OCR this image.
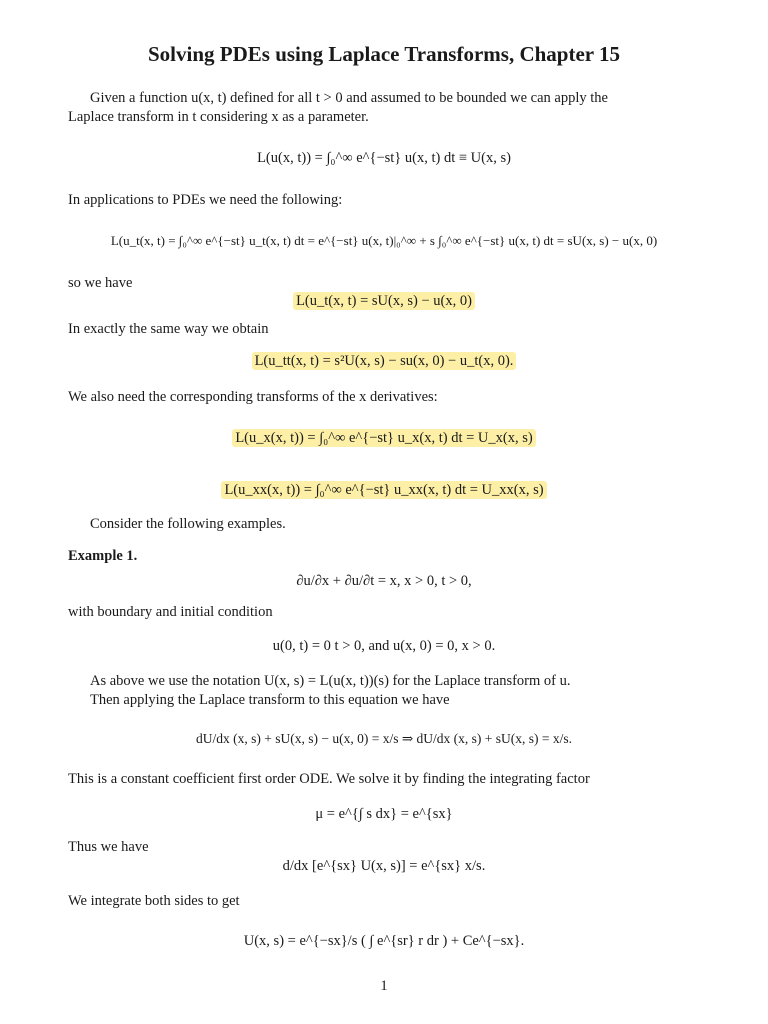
Solving PDEs using Laplace Transforms, Chapter 15
Given a function u(x, t) defined for all t > 0 and assumed to be bounded we can apply the
Laplace transform in t considering x as a parameter.
L(u(x, t)) = ∫₀^∞ e^{−st} u(x, t) dt ≡ U(x, s)
In applications to PDEs we need the following:
L(u_t(x, t) = ∫₀^∞ e^{−st} u_t(x, t) dt = e^{−st} u(x, t)|₀^∞ + s ∫₀^∞ e^{−st} u(x, t) dt = sU(x, s) − u(x, 0)
so we have
L(u_t(x, t) = sU(x, s) − u(x, 0)
In exactly the same way we obtain
L(u_tt(x, t) = s²U(x, s) − su(x, 0) − u_t(x, 0).
We also need the corresponding transforms of the x derivatives:
L(u_x(x, t)) = ∫₀^∞ e^{−st} u_x(x, t) dt = U_x(x, s)
L(u_xx(x, t)) = ∫₀^∞ e^{−st} u_xx(x, t) dt = U_xx(x, s)
Consider the following examples.
Example 1.
∂u/∂x + ∂u/∂t = x, x > 0, t > 0,
with boundary and initial condition
u(0, t) = 0 t > 0, and u(x, 0) = 0, x > 0.
As above we use the notation U(x, s) = L(u(x, t))(s) for the Laplace transform of u.
Then applying the Laplace transform to this equation we have
dU/dx (x, s) + sU(x, s) − u(x, 0) = x/s ⇒ dU/dx (x, s) + sU(x, s) = x/s.
This is a constant coefficient first order ODE. We solve it by finding the integrating factor
μ = e^{∫ s dx} = e^{sx}
Thus we have
d/dx [e^{sx} U(x, s)] = e^{sx} x/s.
We integrate both sides to get
U(x, s) = e^{−sx}/s ( ∫ e^{sr} r dr ) + Ce^{−sx}.
1
